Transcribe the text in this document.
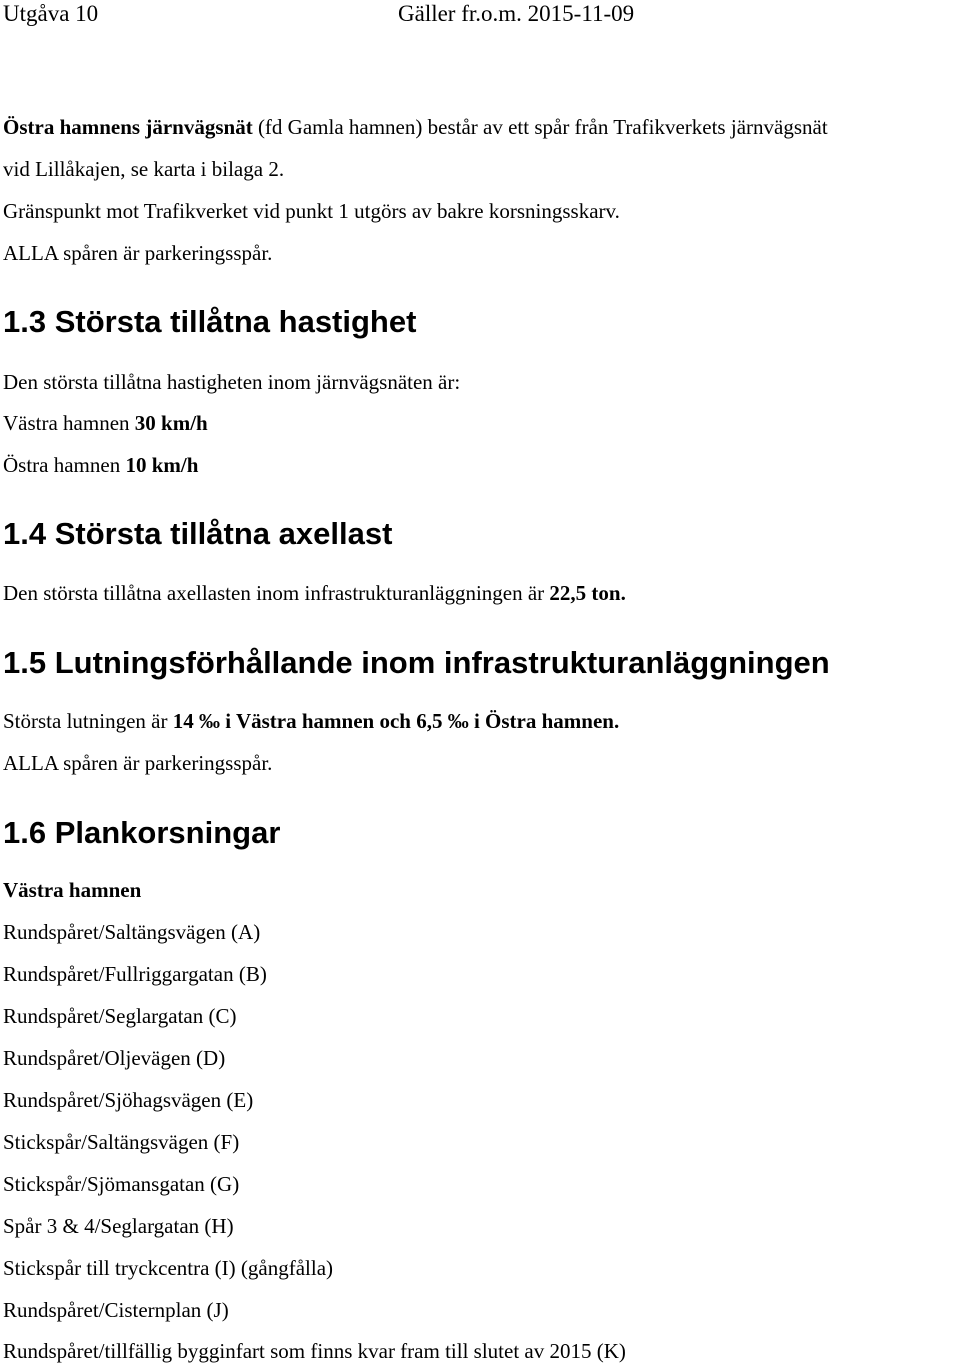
Utgåva 10	Gäller fr.o.m. 2015-11-09
Östra hamnens järnvägsnät (fd Gamla hamnen) består av ett spår från Trafikverkets järnvägsnät
vid Lillåkajen, se karta i bilaga 2.
Gränspunkt mot Trafikverket vid punkt 1 utgörs av bakre korsningsskarv.
ALLA spåren är parkeringsspår.
1.3 Största tillåtna hastighet
Den största tillåtna hastigheten inom järnvägsnäten är:
Västra hamnen 30 km/h
Östra hamnen 10 km/h
1.4 Största tillåtna axellast
Den största tillåtna axellasten inom infrastrukturanläggningen är 22,5 ton.
1.5 Lutningsförhållande inom infrastrukturanläggningen
Största lutningen är 14 ‰ i Västra hamnen och 6,5 ‰ i Östra hamnen.
ALLA spåren är parkeringsspår.
1.6 Plankorsningar
Västra hamnen
Rundspåret/Saltängsvägen (A)
Rundspåret/Fullriggargatan (B)
Rundspåret/Seglargatan (C)
Rundspåret/Oljevägen (D)
Rundspåret/Sjöhagsvägen (E)
Stickspår/Saltängsvägen (F)
Stickspår/Sjömansgatan (G)
Spår 3 & 4/Seglargatan (H)
Stickspår till tryckcentra (I) (gångfålla)
Rundspåret/Cisternplan (J)
Rundspåret/tillfällig bygginfart som finns kvar fram till slutet av 2015 (K)
